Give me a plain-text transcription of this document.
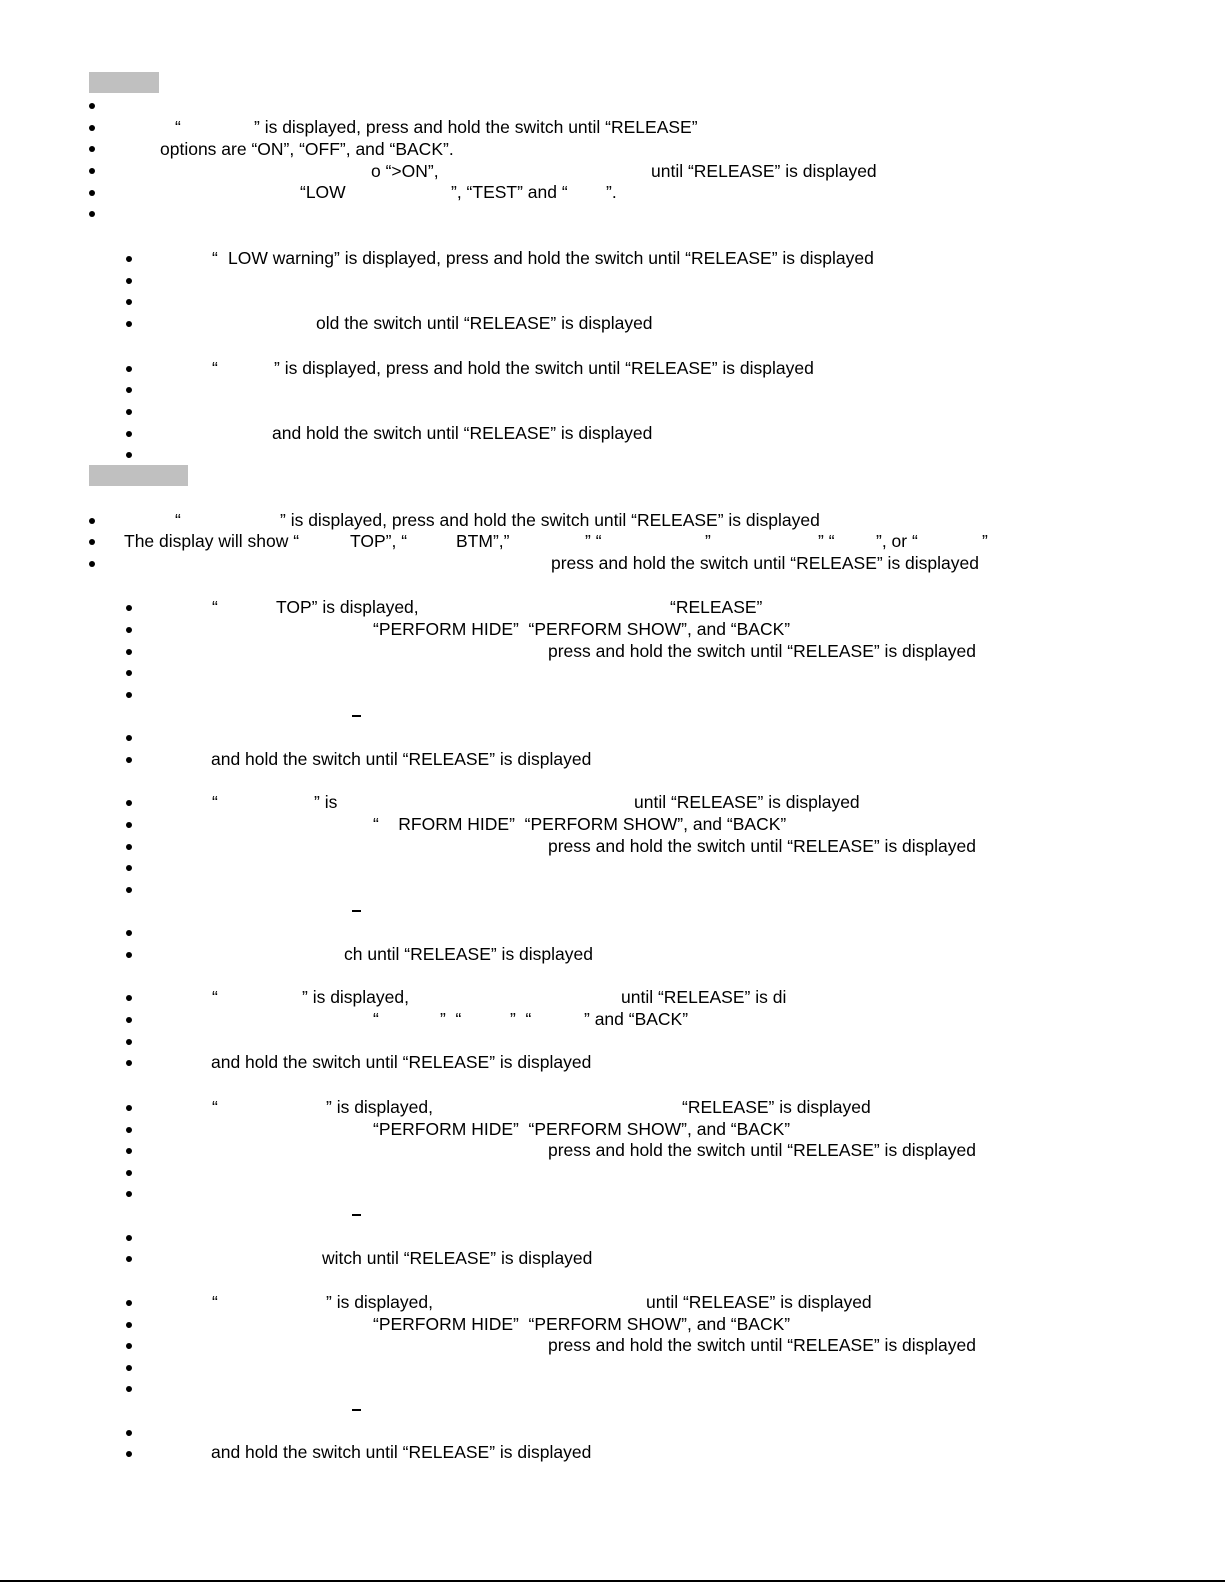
“	” is displayed, press and hold the switch until “RELEASE”
options are “ON”, “OFF”, and “BACK”.
o “>ON”,	until “RELEASE” is displayed
“LOW	”, “TEST” and “ ”.
“ LOW warning” is displayed, press and hold the switch until “RELEASE” is displayed
old the switch until “RELEASE” is displayed
“	” is displayed, press and hold the switch until “RELEASE” is displayed
and hold the switch until “RELEASE” is displayed
“	” is displayed, press and hold the switch until “RELEASE” is displayed
The display will show “	TOP”, “	BTM”,”	” “	”	” “ ”, or “	”
press and hold the switch until “RELEASE” is displayed
“	TOP” is displayed,	“RELEASE”
“PERFORM HIDE”  “PERFORM SHOW”, and “BACK”
press and hold the switch until “RELEASE” is displayed
and hold the switch until “RELEASE” is displayed
“	” is	until “RELEASE” is displayed
“    RFORM HIDE”  “PERFORM SHOW”, and “BACK”
press and hold the switch until “RELEASE” is displayed
ch until “RELEASE” is displayed
“	” is displayed,	until “RELEASE” is di
“	”  “	”  “	” and “BACK”
and hold the switch until “RELEASE” is displayed
“	” is displayed,	“RELEASE” is displayed
“PERFORM HIDE”  “PERFORM SHOW”, and “BACK”
press and hold the switch until “RELEASE” is displayed
witch until “RELEASE” is displayed
“	” is displayed,	until “RELEASE” is displayed
“PERFORM HIDE”  “PERFORM SHOW”, and “BACK”
press and hold the switch until “RELEASE” is displayed
and hold the switch until “RELEASE” is displayed
